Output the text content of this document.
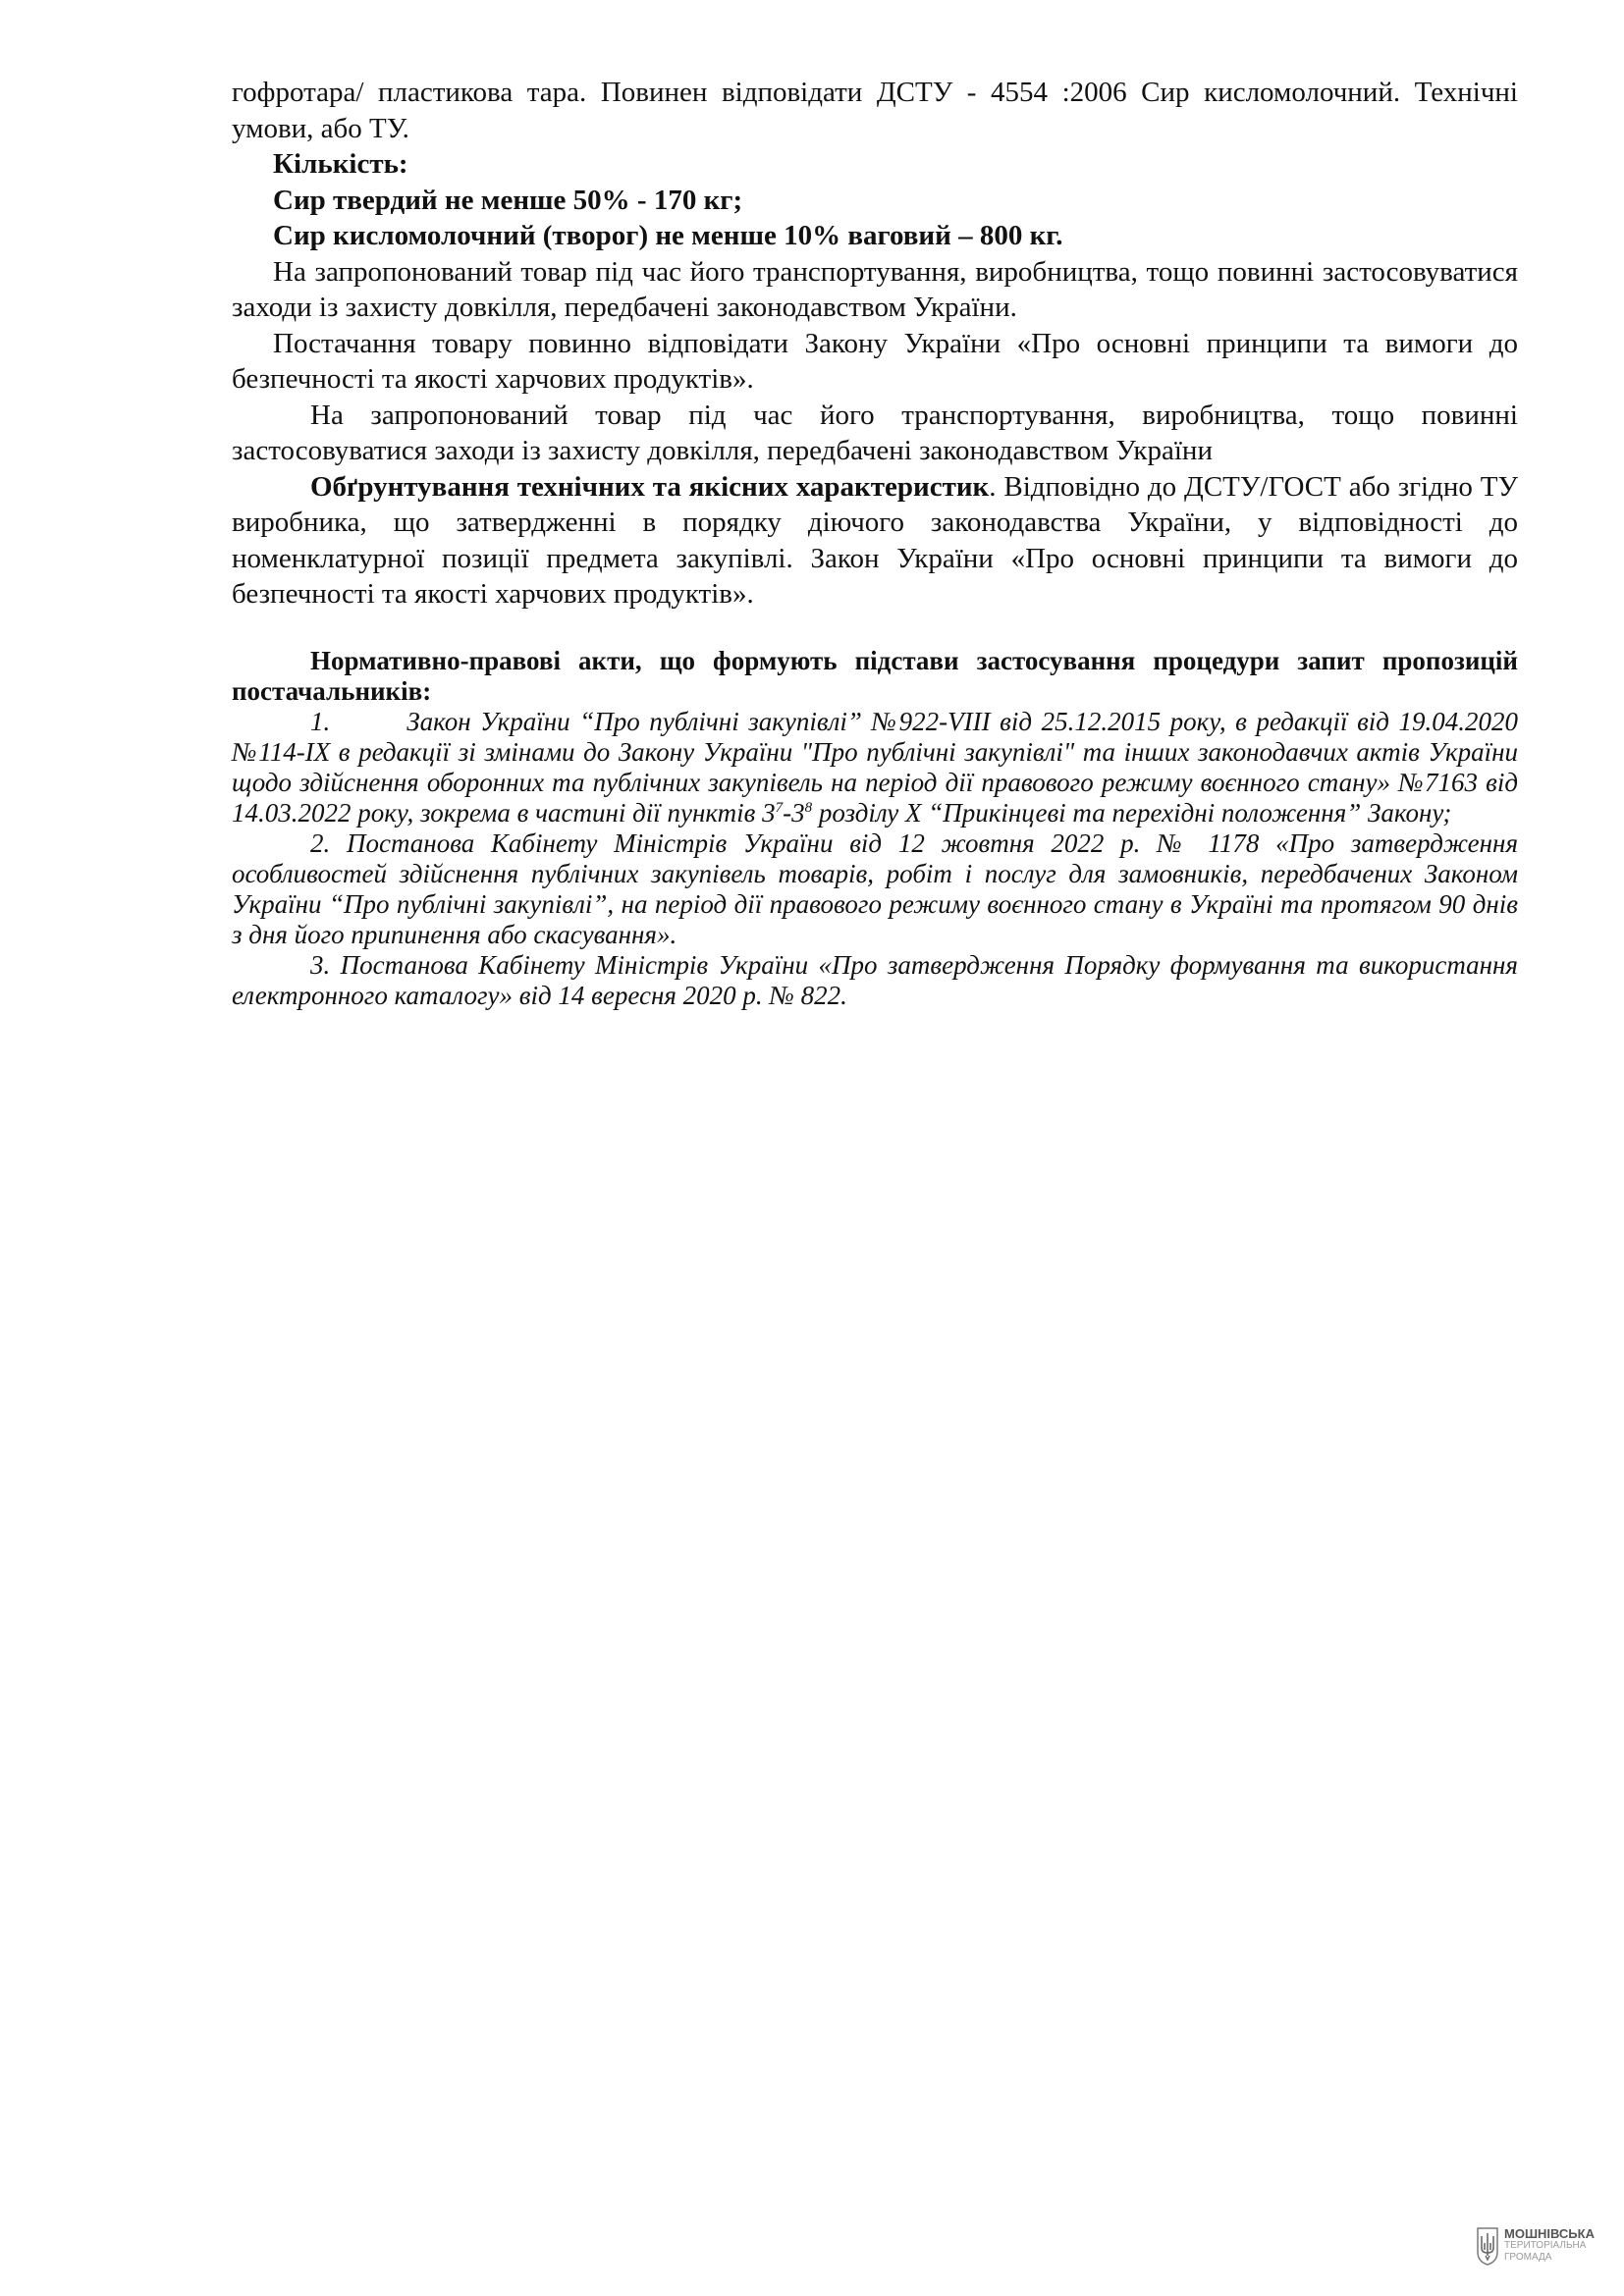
гофротара/ пластикова тара. Повинен відповідати ДСТУ - 4554 :2006 Сир кисломолочний. Технічні умови, або ТУ.

Кількість:

Сир твердий не менше 50% - 170 кг;

Сир кисломолочний (творог) не менше 10% ваговий – 800 кг.

На запропонований товар під час його транспортування, виробництва, тощо повинні застосовуватися заходи із захисту довкілля, передбачені законодавством України.

Постачання товару повинно відповідати Закону України «Про основні принципи та вимоги до безпечності та якості харчових продуктів».

На запропонований товар під час його транспортування, виробництва, тощо повинні застосовуватися заходи із захисту довкілля, передбачені законодавством України

Обґрунтування технічних та якісних характеристик. Відповідно до ДСТУ/ГОСТ або згідно ТУ виробника, що затвердженні в порядку діючого законодавства України, у відповідності до номенклатурної позиції предмета закупівлі. Закон України «Про основні принципи та вимоги до безпечності та якості харчових продуктів».

Нормативно-правові акти, що формують підстави застосування процедури запит пропозицій постачальників:

1.	Закон України “Про публічні закупівлі” №922-VIII від 25.12.2015 року, в редакції від 19.04.2020 №114-IX в редакції зі змінами до Закону України "Про публічні закупівлі" та інших законодавчих актів України щодо здійснення оборонних та публічних закупівель на період дії правового режиму воєнного стану» №7163 від 14.03.2022 року, зокрема в частині дії пунктів $3^7-3^8$ розділу X “Прикінцеві та перехідні положення” Закону;

2. Постанова Кабінету Міністрів України від 12 жовтня 2022 р. № 1178 «Про затвердження особливостей здійснення публічних закупівель товарів, робіт і послуг для замовників, передбачених Законом України “Про публічні закупівлі”, на період дії правового режиму воєнного стану в Україні та протягом 90 днів з дня його припинення або скасування».

3. Постанова Кабінету Міністрів України «Про затвердження Порядку формування та використання електронного каталогу» від 14 вересня 2020 р. № 822.

МОШНІВСЬКА
ТЕРИТОРІАЛЬНА
ГРОМАДА
